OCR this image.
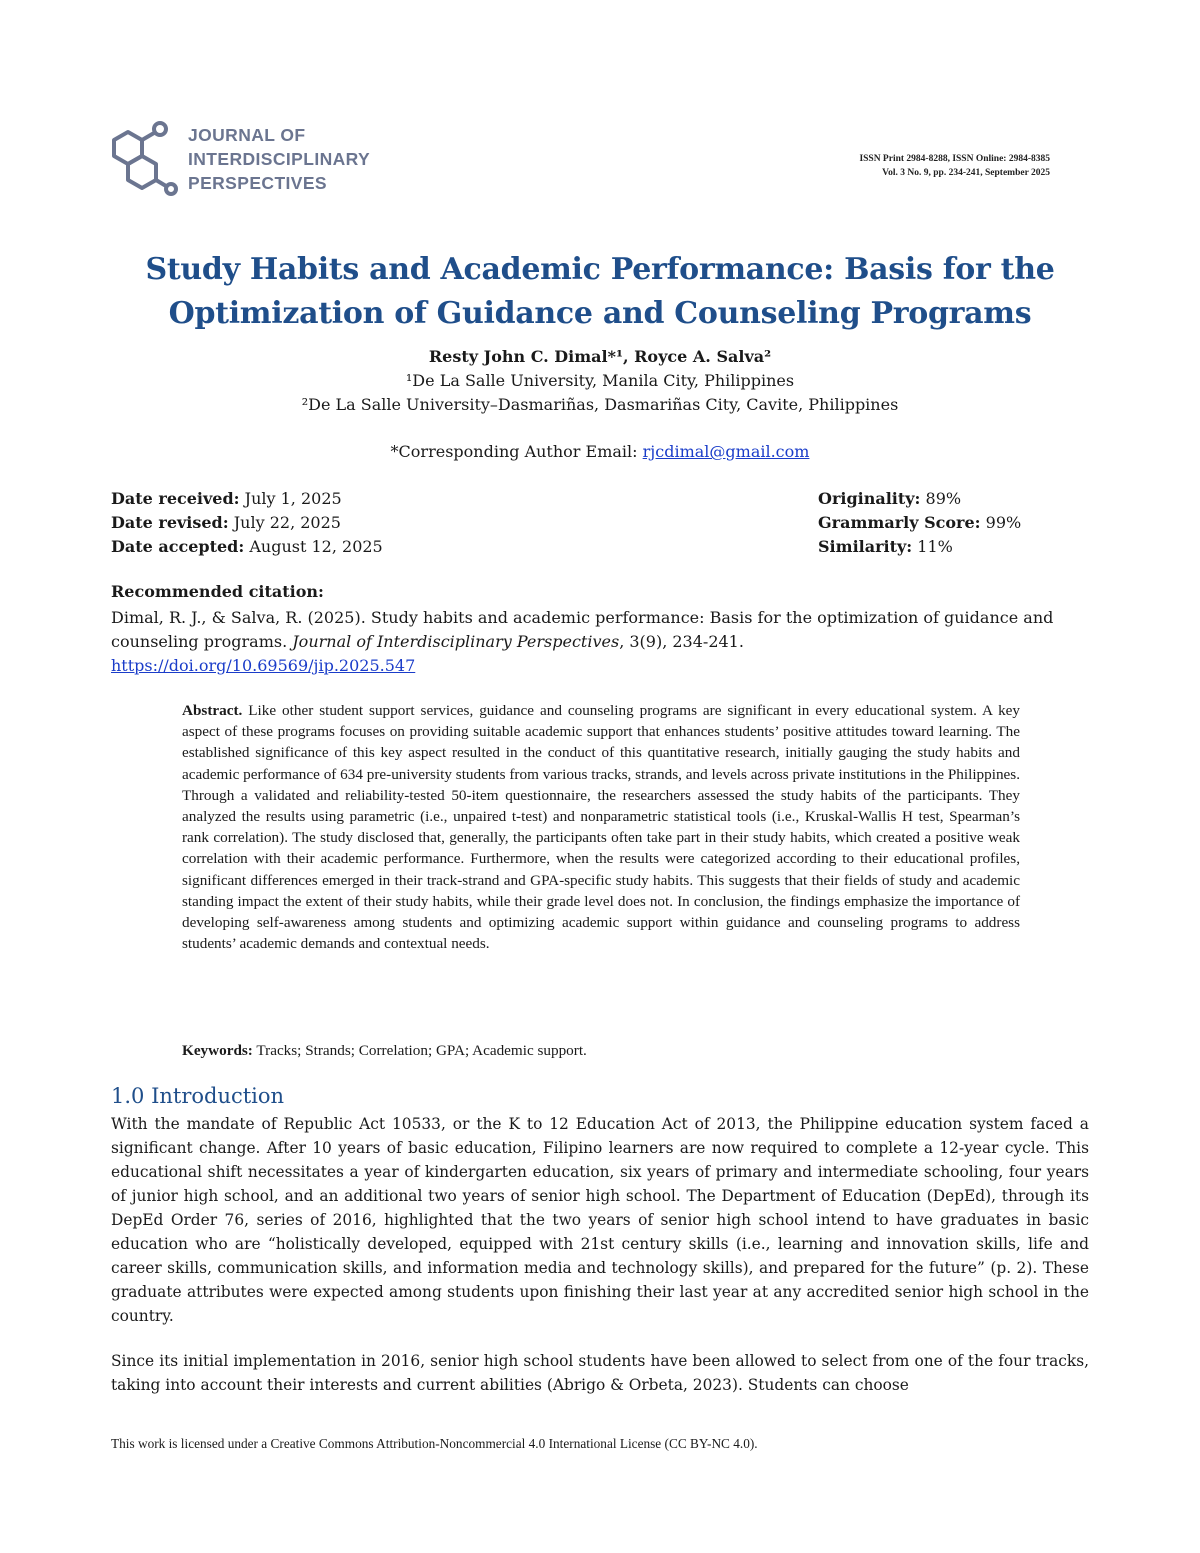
JOURNAL OF
INTERDISCIPLINARY
PERSPECTIVES
ISSN Print 2984-8288, ISSN Online: 2984-8385
Vol. 3 No. 9, pp. 234-241, September 2025
Study Habits and Academic Performance: Basis for the
Optimization of Guidance and Counseling Programs
Resty John C. Dimal*¹, Royce A. Salva²
¹De La Salle University, Manila City, Philippines
²De La Salle University–Dasmariñas, Dasmariñas City, Cavite, Philippines
*Corresponding Author Email: rjcdimal@gmail.com
Date received: July 1, 2025
Date revised: July 22, 2025
Date accepted: August 12, 2025
Originality: 89%
Grammarly Score: 99%
Similarity: 11%
Recommended citation:
Dimal, R. J., & Salva, R. (2025). Study habits and academic performance: Basis for the optimization of guidance and counseling programs. Journal of Interdisciplinary Perspectives, 3(9), 234-241.
https://doi.org/10.69569/jip.2025.547
Abstract. Like other student support services, guidance and counseling programs are significant in every educational system. A key aspect of these programs focuses on providing suitable academic support that enhances students’ positive attitudes toward learning. The established significance of this key aspect resulted in the conduct of this quantitative research, initially gauging the study habits and academic performance of 634 pre-university students from various tracks, strands, and levels across private institutions in the Philippines. Through a validated and reliability-tested 50-item questionnaire, the researchers assessed the study habits of the participants. They analyzed the results using parametric (i.e., unpaired t-test) and nonparametric statistical tools (i.e., Kruskal-Wallis H test, Spearman’s rank correlation). The study disclosed that, generally, the participants often take part in their study habits, which created a positive weak correlation with their academic performance. Furthermore, when the results were categorized according to their educational profiles, significant differences emerged in their track-strand and GPA-specific study habits. This suggests that their fields of study and academic standing impact the extent of their study habits, while their grade level does not. In conclusion, the findings emphasize the importance of developing self-awareness among students and optimizing academic support within guidance and counseling programs to address students’ academic demands and contextual needs.
Keywords: Tracks; Strands; Correlation; GPA; Academic support.
1.0 Introduction
With the mandate of Republic Act 10533, or the K to 12 Education Act of 2013, the Philippine education system faced a significant change. After 10 years of basic education, Filipino learners are now required to complete a 12-year cycle. This educational shift necessitates a year of kindergarten education, six years of primary and intermediate schooling, four years of junior high school, and an additional two years of senior high school. The Department of Education (DepEd), through its DepEd Order 76, series of 2016, highlighted that the two years of senior high school intend to have graduates in basic education who are “holistically developed, equipped with 21st century skills (i.e., learning and innovation skills, life and career skills, communication skills, and information media and technology skills), and prepared for the future” (p. 2). These graduate attributes were expected among students upon finishing their last year at any accredited senior high school in the country.
Since its initial implementation in 2016, senior high school students have been allowed to select from one of the four tracks, taking into account their interests and current abilities (Abrigo & Orbeta, 2023). Students can choose
This work is licensed under a Creative Commons Attribution-Noncommercial 4.0 International License (CC BY-NC 4.0).
